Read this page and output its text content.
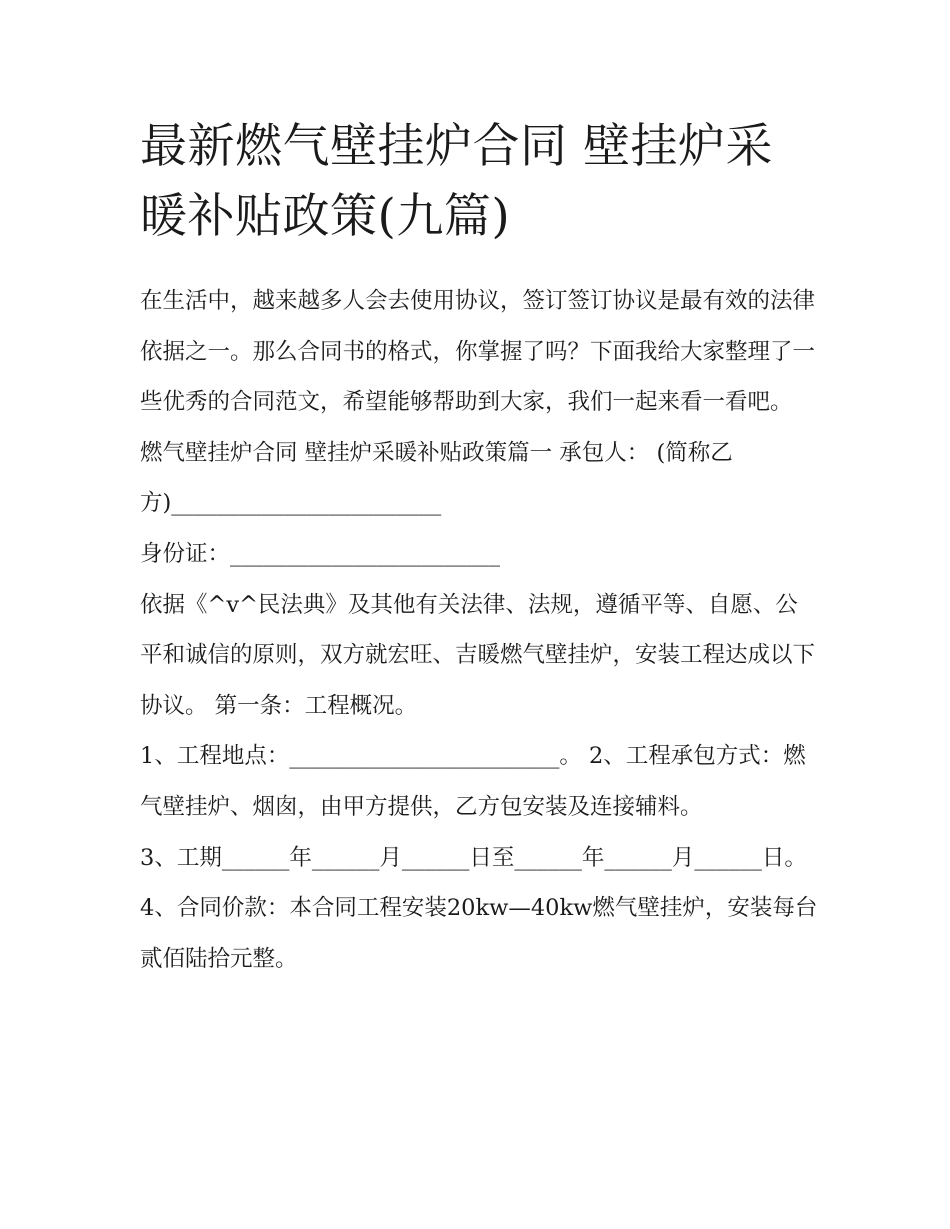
最新燃气壁挂炉合同 壁挂炉采暖补贴政策(九篇)

在生活中，越来越多人会去使用协议，签订签订协议是最有效的法律依据之一。那么合同书的格式，你掌握了吗？下面我给大家整理了一些优秀的合同范文，希望能够帮助到大家，我们一起来看一看吧。

燃气壁挂炉合同 壁挂炉采暖补贴政策篇一 承包人： (简称乙方)________________________

身份证：________________________

依据《^v^民法典》及其他有关法律、法规，遵循平等、自愿、公平和诚信的原则，双方就宏旺、吉暖燃气壁挂炉，安装工程达成以下协议。 第一条：工程概况。

1、工程地点：________________________。 2、工程承包方式：燃气壁挂炉、烟囱，由甲方提供，乙方包安装及连接辅料。

3、工期______年______月______日至______年______月______日。

4、合同价款：本合同工程安装20kw—40kw燃气壁挂炉，安装每台贰佰陆拾元整。
